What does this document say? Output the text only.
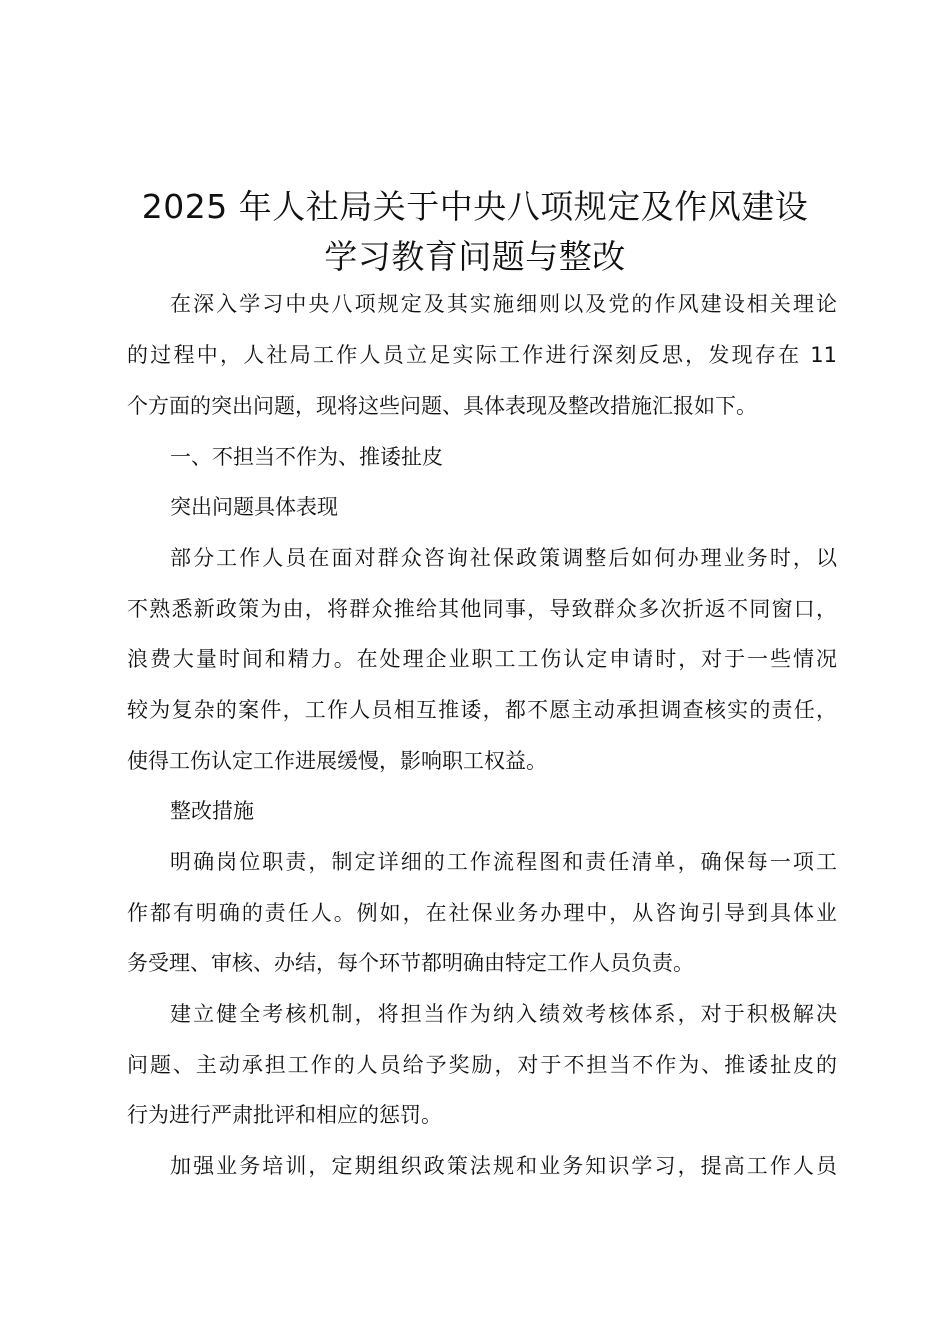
2025 年人社局关于中央八项规定及作风建设
学习教育问题与整改

在深入学习中央八项规定及其实施细则以及党的作风建设相关理论

的过程中，人社局工作人员立足实际工作进行深刻反思，发现存在 11

个方面的突出问题，现将这些问题、具体表现及整改措施汇报如下。

一、不担当不作为、推诿扯皮

突出问题具体表现

部分工作人员在面对群众咨询社保政策调整后如何办理业务时，以

不熟悉新政策为由，将群众推给其他同事，导致群众多次折返不同窗口，

浪费大量时间和精力。在处理企业职工工伤认定申请时，对于一些情况

较为复杂的案件，工作人员相互推诿，都不愿主动承担调查核实的责任，

使得工伤认定工作进展缓慢，影响职工权益。

整改措施

明确岗位职责，制定详细的工作流程图和责任清单，确保每一项工

作都有明确的责任人。例如，在社保业务办理中，从咨询引导到具体业

务受理、审核、办结，每个环节都明确由特定工作人员负责。

建立健全考核机制，将担当作为纳入绩效考核体系，对于积极解决

问题、主动承担工作的人员给予奖励，对于不担当不作为、推诿扯皮的

行为进行严肃批评和相应的惩罚。

加强业务培训，定期组织政策法规和业务知识学习，提高工作人员
